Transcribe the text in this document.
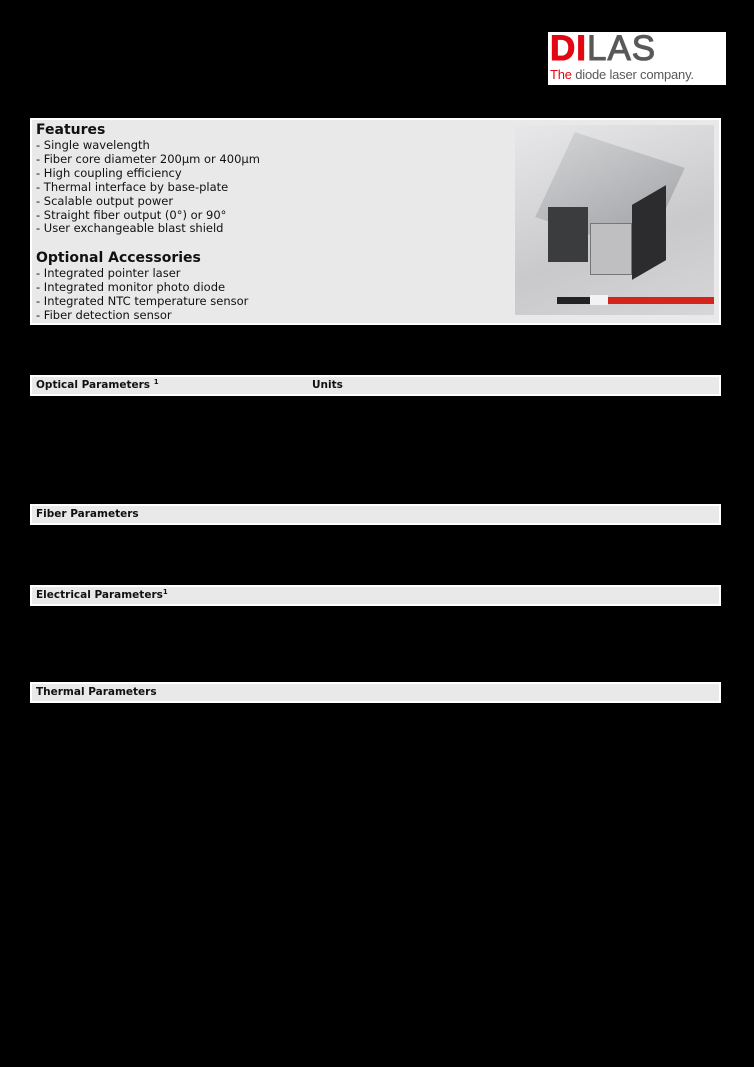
DILAS
The diode laser company.
Features
- Single wavelength
- Fiber core diameter 200µm or 400µm
- High coupling efficiency
- Thermal interface by base-plate
- Scalable output power
- Straight fiber output (0°) or 90°
- User exchangeable blast shield
Optional Accessories
- Integrated pointer laser
- Integrated monitor photo diode
- Integrated NTC temperature sensor
- Fiber detection sensor
Optical Parameters $^1$	Units
Fiber Parameters
Electrical Parameters$^1$
Thermal Parameters
